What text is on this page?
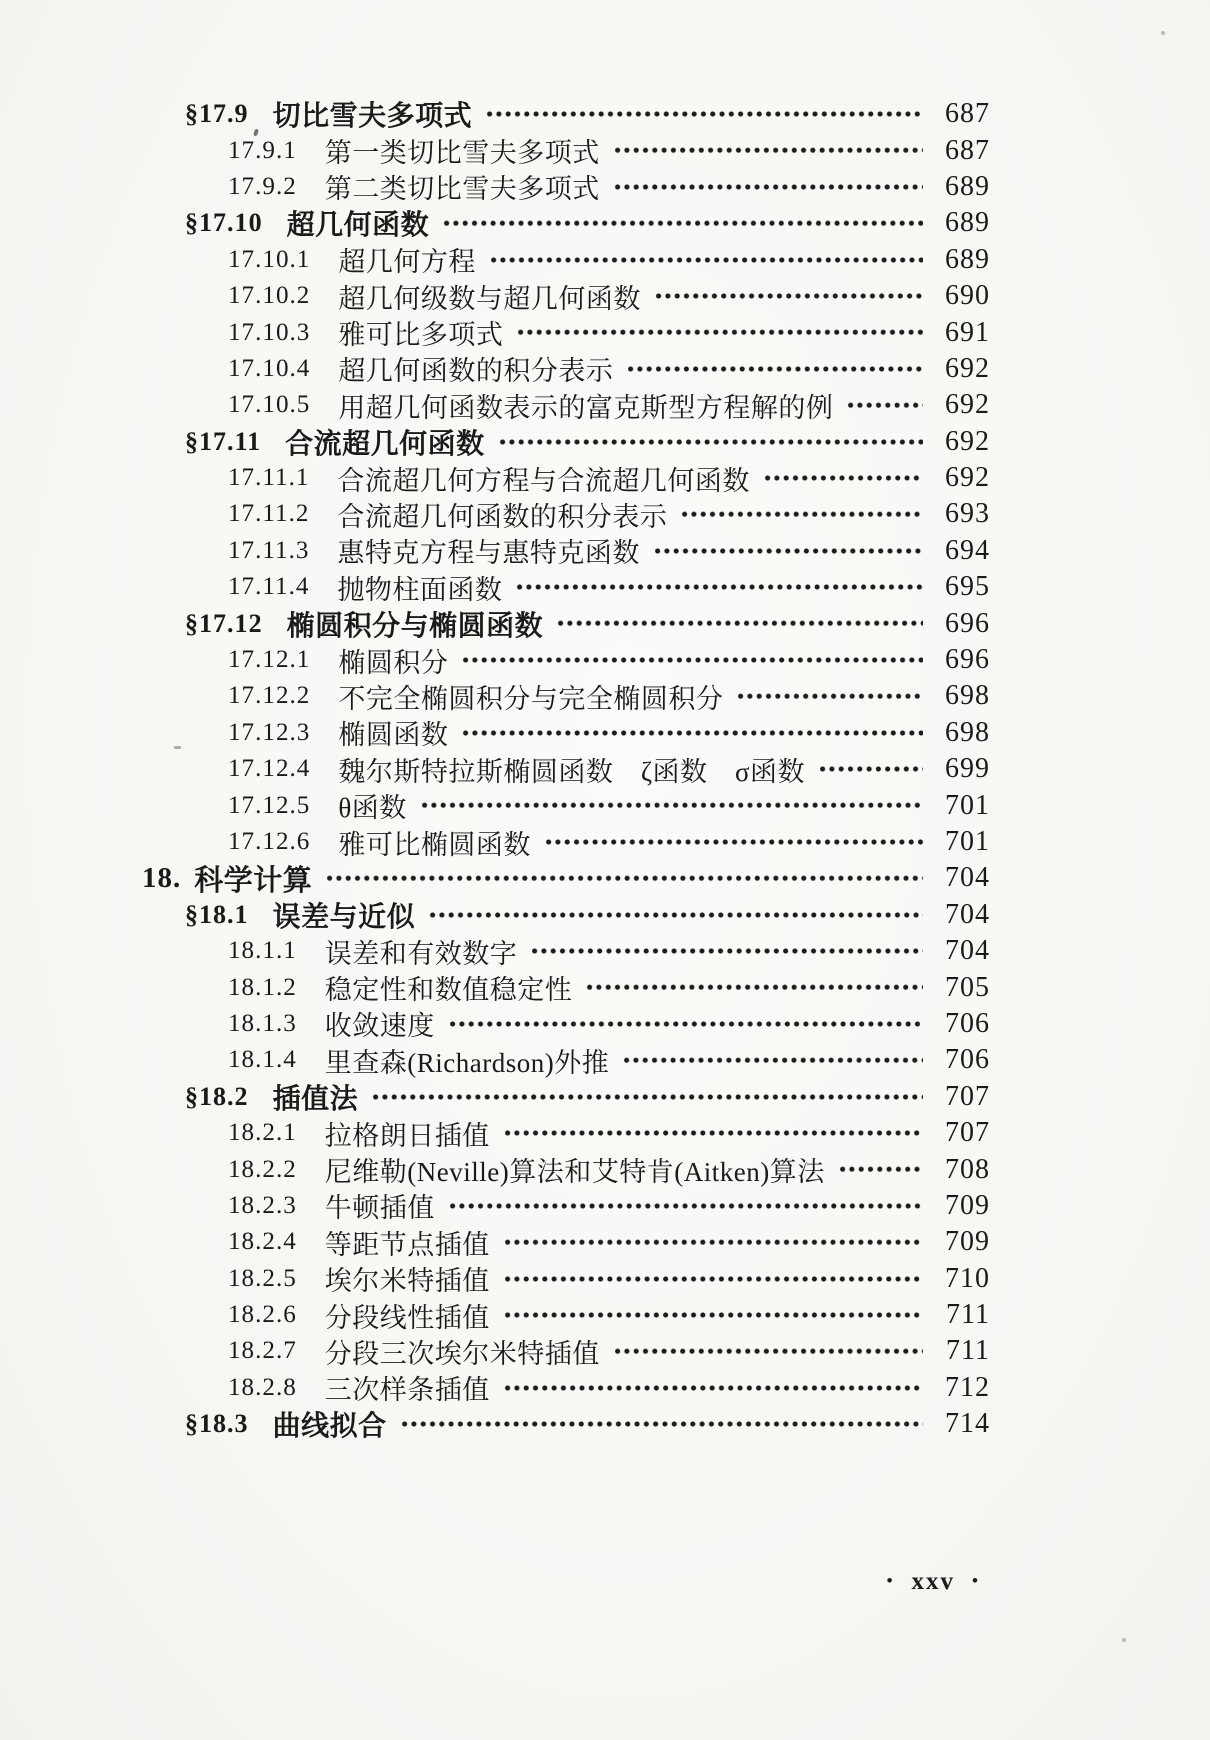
§17.9 切比雪夫多项式	687
17.9.1 第一类切比雪夫多项式	687
17.9.2 第二类切比雪夫多项式	689
§17.10 超几何函数	689
17.10.1 超几何方程	689
17.10.2 超几何级数与超几何函数	690
17.10.3 雅可比多项式	691
17.10.4 超几何函数的积分表示	692
17.10.5 用超几何函数表示的富克斯型方程解的例	692
§17.11 合流超几何函数	692
17.11.1 合流超几何方程与合流超几何函数	692
17.11.2 合流超几何函数的积分表示	693
17.11.3 惠特克方程与惠特克函数	694
17.11.4 抛物柱面函数	695
§17.12 椭圆积分与椭圆函数	696
17.12.1 椭圆积分	696
17.12.2 不完全椭圆积分与完全椭圆积分	698
17.12.3 椭圆函数	698
17.12.4 魏尔斯特拉斯椭圆函数　ζ函数　σ函数	699
17.12.5 θ函数	701
17.12.6 雅可比椭圆函数	701
18. 科学计算	704
§18.1 误差与近似	704
18.1.1 误差和有效数字	704
18.1.2 稳定性和数值稳定性	705
18.1.3 收敛速度	706
18.1.4 里查森(Richardson)外推	706
§18.2 插值法	707
18.2.1 拉格朗日插值	707
18.2.2 尼维勒(Neville)算法和艾特肯(Aitken)算法	708
18.2.3 牛顿插值	709
18.2.4 等距节点插值	709
18.2.5 埃尔米特插值	710
18.2.6 分段线性插值	711
18.2.7 分段三次埃尔米特插值	711
18.2.8 三次样条插值	712
§18.3 曲线拟合	714
• xxv •
